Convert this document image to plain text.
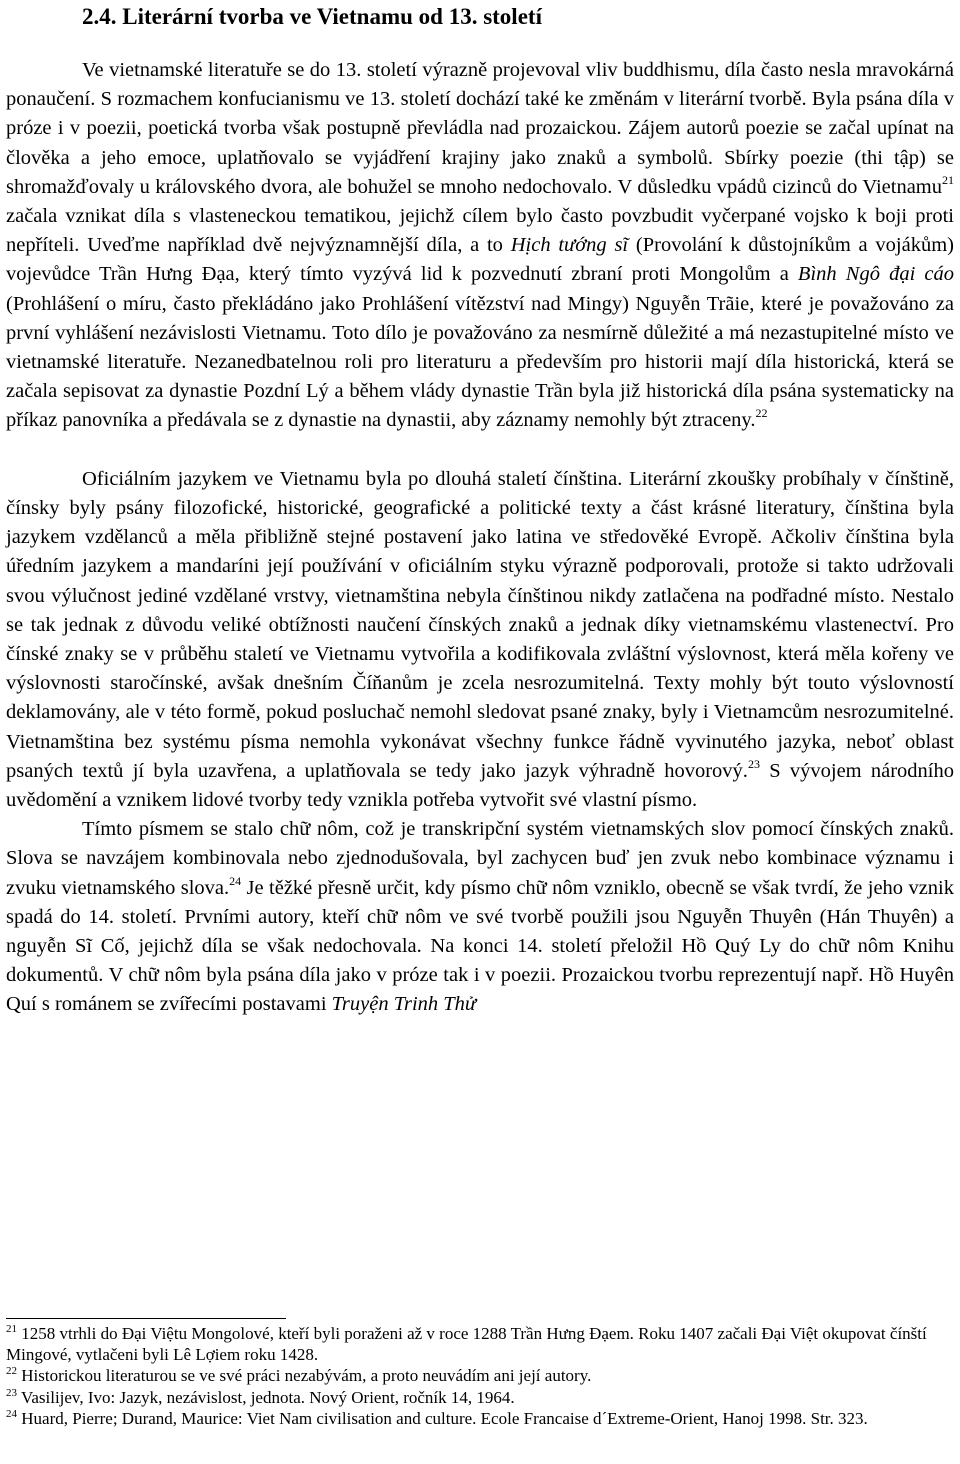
2.4. Literární tvorba ve Vietnamu od 13. století

Ve vietnamské literatuře se do 13. století výrazně projevoval vliv buddhismu, díla často nesla mravokárná ponaučení. S rozmachem konfucianismu ve 13. století dochází také ke změnám v literární tvorbě. Byla psána díla v próze i v poezii, poetická tvorba však postupně převládla nad prozaickou. Zájem autorů poezie se začal upínat na člověka a jeho emoce, uplatňovalo se vyjádření krajiny jako znaků a symbolů. Sbírky poezie (thi tập) se shromažďovaly u královského dvora, ale bohužel se mnoho nedochovalo. V důsledku vpádů cizinců do Vietnamu$^{21}$ začala vznikat díla s vlasteneckou tematikou, jejichž cílem bylo často povzbudit vyčerpané vojsko k boji proti nepříteli. Uveďme například dvě nejvýznamnější díla, a to Hịch tướng sĩ (Provolání k důstojníkům a vojákům) vojevůdce Trần Hưng Đạa, který tímto vyzývá lid k pozvednutí zbraní proti Mongolům a Bình Ngô đại cáo (Prohlášení o míru, často překládáno jako Prohlášení vítězství nad Mingy) Nguyễn Trãie, které je považováno za první vyhlášení nezávislosti Vietnamu. Toto dílo je považováno za nesmírně důležité a má nezastupitelné místo ve vietnamské literatuře. Nezanedbatelnou roli pro literaturu a především pro historii mají díla historická, která se začala sepisovat za dynastie Pozdní Lý a během vlády dynastie Trần byla již historická díla psána systematicky na příkaz panovníka a předávala se z dynastie na dynastii, aby záznamy nemohly být ztraceny.$^{22}$

Oficiálním jazykem ve Vietnamu byla po dlouhá staletí čínština. Literární zkoušky probíhaly v čínštině, čínsky byly psány filozofické, historické, geografické a politické texty a část krásné literatury, čínština byla jazykem vzdělanců a měla přibližně stejné postavení jako latina ve středověké Evropě. Ačkoliv čínština byla úředním jazykem a mandaríni její používání v oficiálním styku výrazně podporovali, protože si takto udržovali svou výlučnost jediné vzdělané vrstvy, vietnamština nebyla čínštinou nikdy zatlačena na podřadné místo. Nestalo se tak jednak z důvodu veliké obtížnosti naučení čínských znaků a jednak díky vietnamskému vlastenectví. Pro čínské znaky se v průběhu staletí ve Vietnamu vytvořila a kodifikovala zvláštní výslovnost, která měla kořeny ve výslovnosti staročínské, avšak dnešním Číňanům je zcela nesrozumitelná. Texty mohly být touto výslovností deklamovány, ale v této formě, pokud posluchač nemohl sledovat psané znaky, byly i Vietnamcům nesrozumitelné. Vietnamština bez systému písma nemohla vykonávat všechny funkce řádně vyvinutého jazyka, neboť oblast psaných textů jí byla uzavřena, a uplatňovala se tedy jako jazyk výhradně hovorový.$^{23}$ S vývojem národního uvědomění a vznikem lidové tvorby tedy vznikla potřeba vytvořit své vlastní písmo.

Tímto písmem se stalo chữ nôm, což je transkripční systém vietnamských slov pomocí čínských znaků. Slova se navzájem kombinovala nebo zjednodušovala, byl zachycen buď jen zvuk nebo kombinace významu i zvuku vietnamského slova.$^{24}$ Je těžké přesně určit, kdy písmo chữ nôm vzniklo, obecně se však tvrdí, že jeho vznik spadá do 14. století. Prvními autory, kteří chữ nôm ve své tvorbě použili jsou Nguyễn Thuyên (Hán Thuyên) a nguyễn Sĩ Cố, jejichž díla se však nedochovala. Na konci 14. století přeložil Hồ Quý Ly do chữ nôm Knihu dokumentů. V chữ nôm byla psána díla jako v próze tak i v poezii. Prozaickou tvorbu reprezentují např. Hồ Huyên Quí s románem se zvířecími postavami Truyện Trinh Thử

$^{21}$ 1258 vtrhli do Đại Việtu Mongolové, kteří byli poraženi až v roce 1288 Trần Hưng Đạem. Roku 1407 začali Đại Việt okupovat čínští Mingové, vytlačeni byli Lê Lợiem roku 1428.

$^{22}$ Historickou literaturou se ve své práci nezabývám, a proto neuvádím ani její autory.

$^{23}$ Vasilijev, Ivo: Jazyk, nezávislost, jednota. Nový Orient, ročník 14, 1964.

$^{24}$ Huard, Pierre; Durand, Maurice: Viet Nam civilisation and culture. Ecole Francaise d´Extreme-Orient, Hanoj 1998. Str. 323.
